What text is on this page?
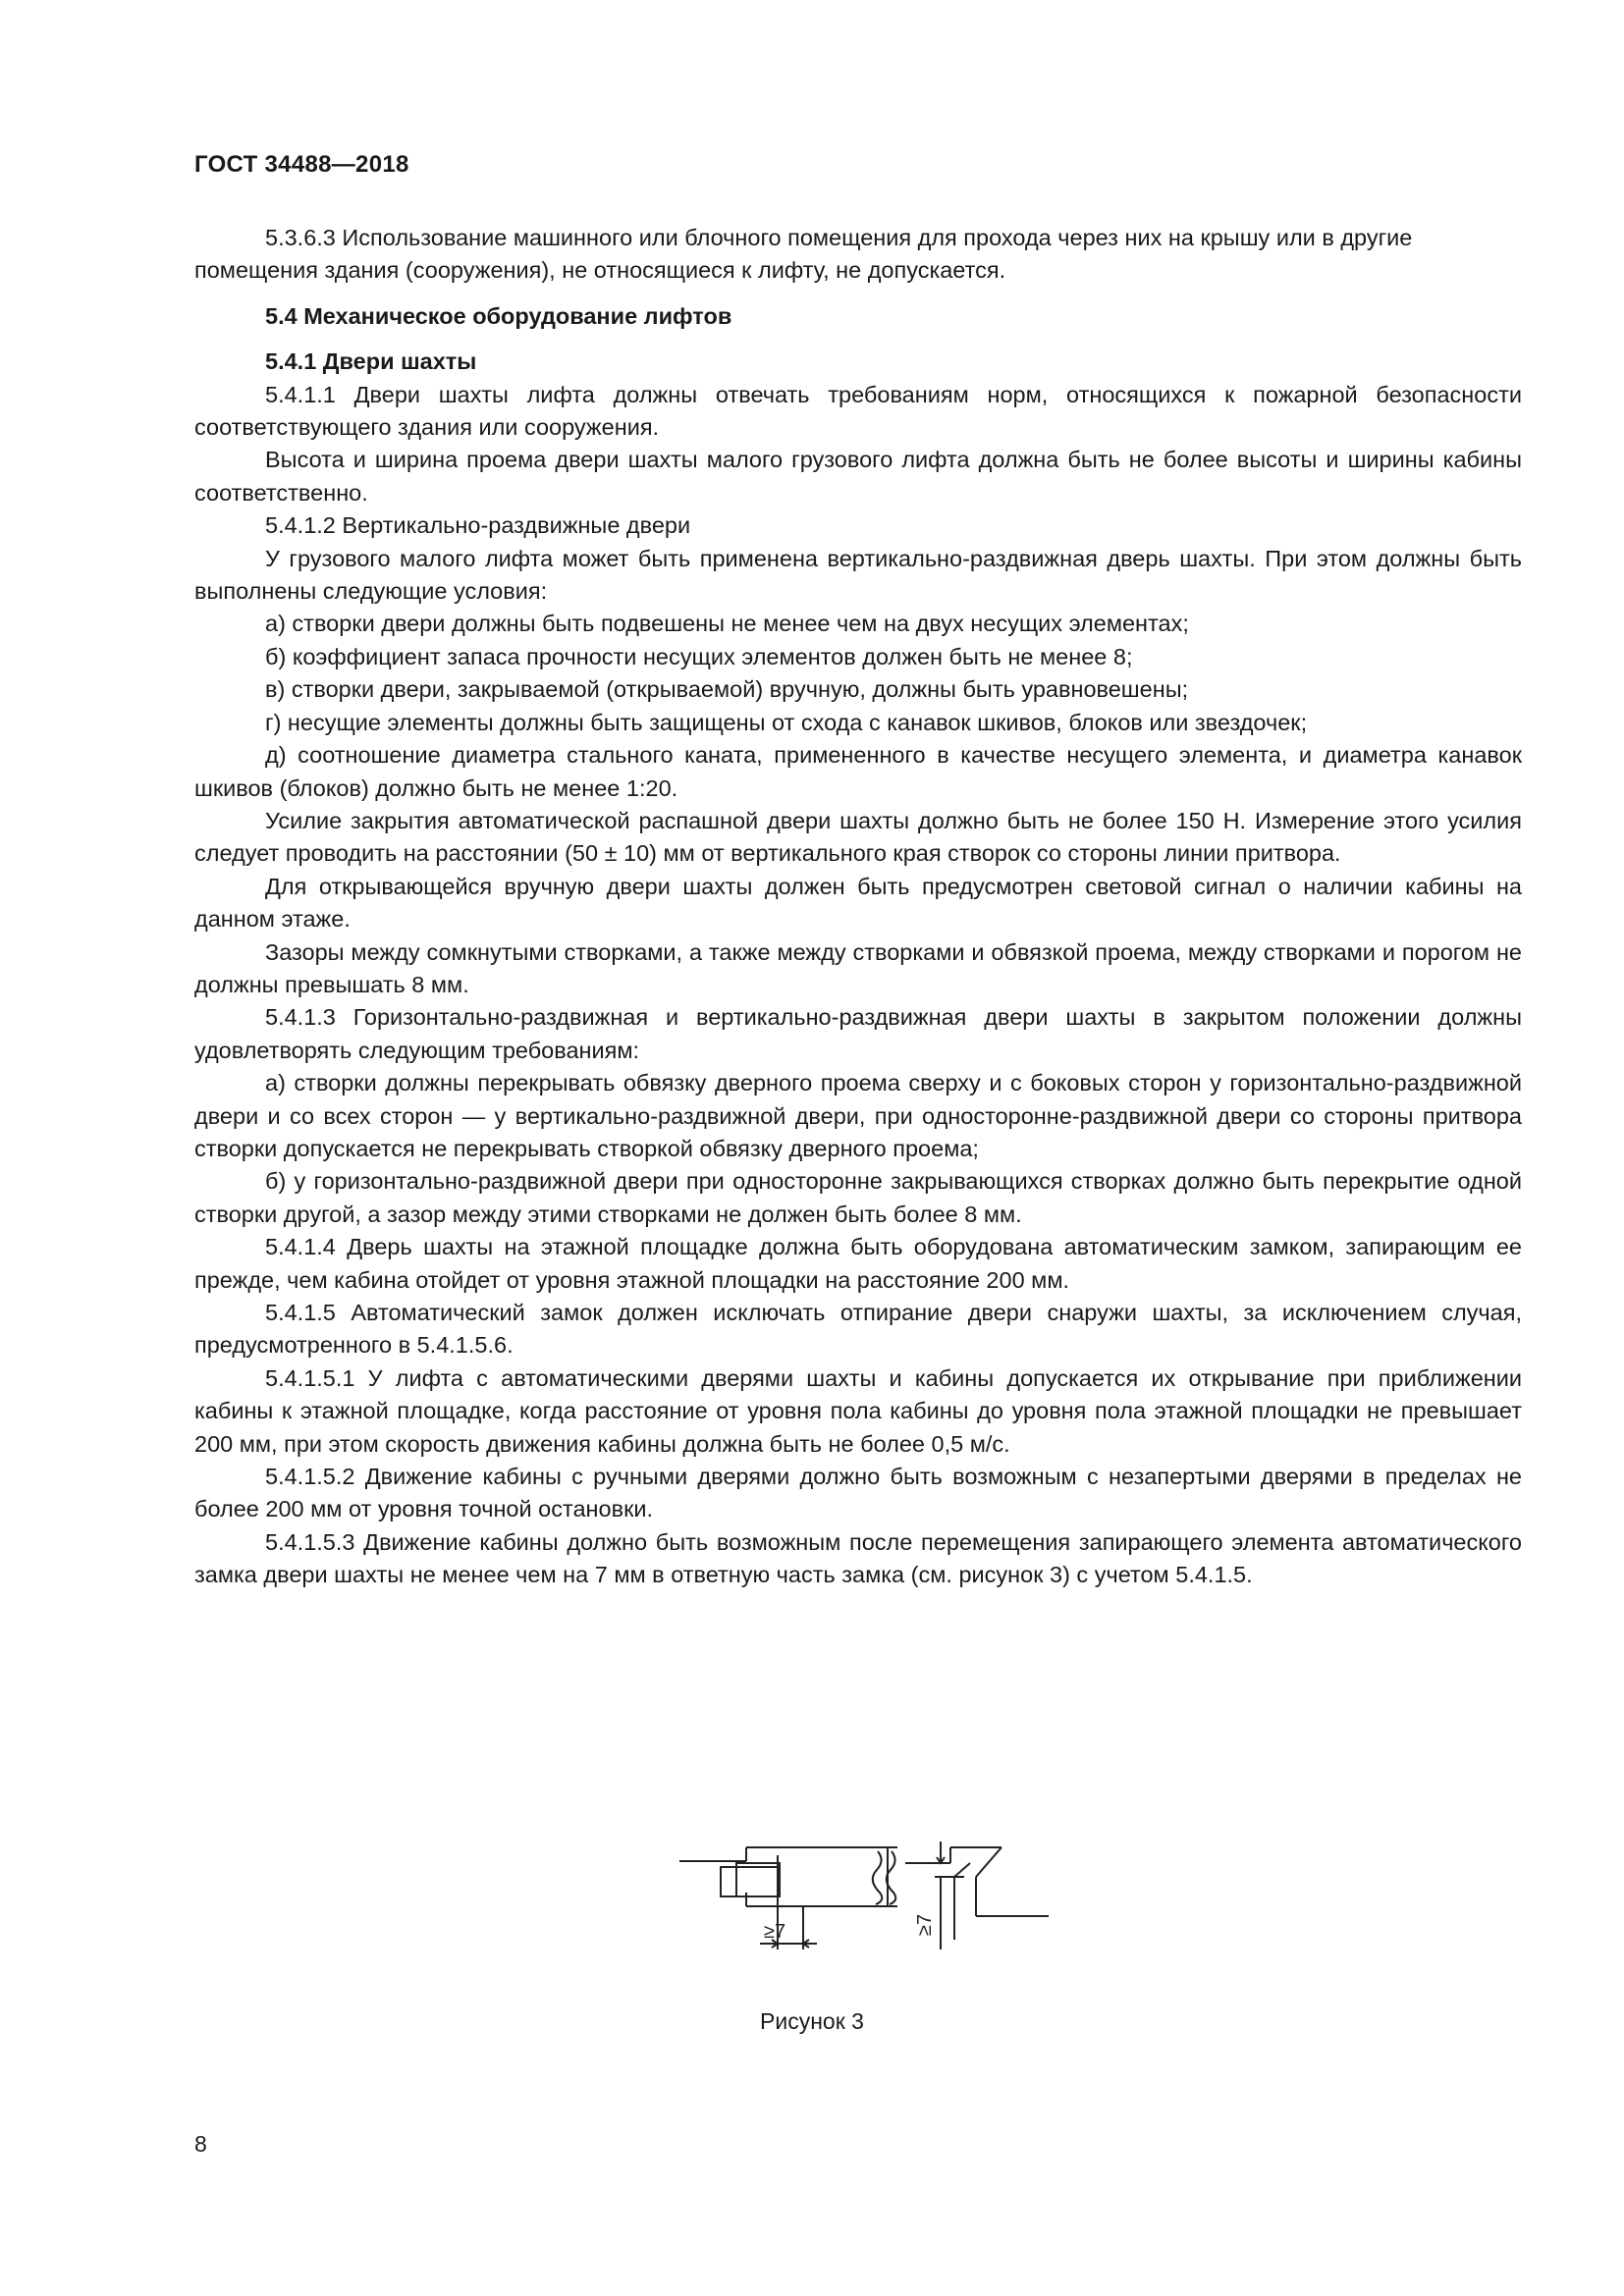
ГОСТ 34488—2018

5.3.6.3 Использование машинного или блочного помещения для прохода через них на крышу или в другие помещения здания (сооружения), не относящиеся к лифту, не допускается.

5.4 Механическое оборудование лифтов

5.4.1 Двери шахты

5.4.1.1 Двери шахты лифта должны отвечать требованиям норм, относящихся к пожарной безопасности соответствующего здания или сооружения.

Высота и ширина проема двери шахты малого грузового лифта должна быть не более высоты и ширины кабины соответственно.

5.4.1.2 Вертикально-раздвижные двери

У грузового малого лифта может быть применена вертикально-раздвижная дверь шахты. При этом должны быть выполнены следующие условия:

а) створки двери должны быть подвешены не менее чем на двух несущих элементах;

б) коэффициент запаса прочности несущих элементов должен быть не менее 8;

в) створки двери, закрываемой (открываемой) вручную, должны быть уравновешены;

г) несущие элементы должны быть защищены от схода с канавок шкивов, блоков или звездочек;

д) соотношение диаметра стального каната, примененного в качестве несущего элемента, и диаметра канавок шкивов (блоков) должно быть не менее 1:20.

Усилие закрытия автоматической распашной двери шахты должно быть не более 150 Н. Измерение этого усилия следует проводить на расстоянии (50 ± 10) мм от вертикального края створок со стороны линии притвора.

Для открывающейся вручную двери шахты должен быть предусмотрен световой сигнал о наличии кабины на данном этаже.

Зазоры между сомкнутыми створками, а также между створками и обвязкой проема, между створками и порогом не должны превышать 8 мм.

5.4.1.3 Горизонтально-раздвижная и вертикально-раздвижная двери шахты в закрытом положении должны удовлетворять следующим требованиям:

а) створки должны перекрывать обвязку дверного проема сверху и с боковых сторон у горизонтально-раздвижной двери и со всех сторон — у вертикально-раздвижной двери, при односторонне-раздвижной двери со стороны притвора створки допускается не перекрывать створкой обвязку дверного проема;

б) у горизонтально-раздвижной двери при односторонне закрывающихся створках должно быть перекрытие одной створки другой, а зазор между этими створками не должен быть более 8 мм.

5.4.1.4 Дверь шахты на этажной площадке должна быть оборудована автоматическим замком, запирающим ее прежде, чем кабина отойдет от уровня этажной площадки на расстояние 200 мм.

5.4.1.5 Автоматический замок должен исключать отпирание двери снаружи шахты, за исключением случая, предусмотренного в 5.4.1.5.6.

5.4.1.5.1 У лифта с автоматическими дверями шахты и кабины допускается их открывание при приближении кабины к этажной площадке, когда расстояние от уровня пола кабины до уровня пола этажной площадки не превышает 200 мм, при этом скорость движения кабины должна быть не более 0,5 м/с.

5.4.1.5.2 Движение кабины с ручными дверями должно быть возможным с незапертыми дверями в пределах не более 200 мм от уровня точной остановки.

5.4.1.5.3 Движение кабины должно быть возможным после перемещения запирающего элемента автоматического замка двери шахты не менее чем на 7 мм в ответную часть замка (см. рисунок 3) с учетом 5.4.1.5.

≥7	≥7
Рисунок 3
8
